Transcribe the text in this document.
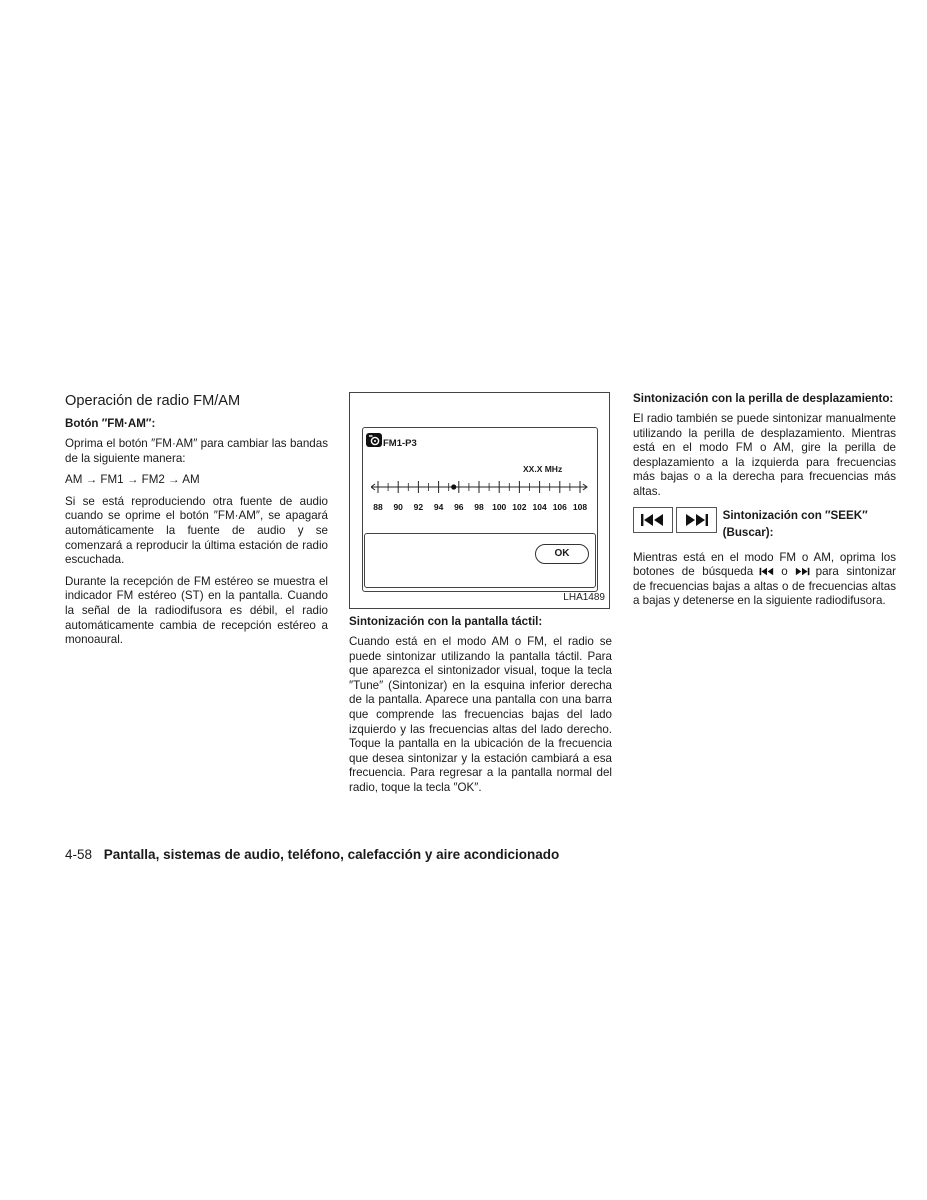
Operación de radio FM/AM
Botón ″FM·AM″:

Oprima el botón ″FM·AM″ para cambiar las bandas de la siguiente manera:

AM → FM1 → FM2 → AM

Si se está reproduciendo otra fuente de audio cuando se oprime el botón ″FM·AM″, se apagará automáticamente la fuente de audio y se comenzará a reproducir la última estación de radio escuchada.

Durante la recepción de FM estéreo se muestra el indicador FM estéreo (ST) en la pantalla. Cuando la señal de la radiodifusora es débil, el radio automáticamente cambia de recepción estéreo a monoaural.

FM1-P3
XX.X MHz
88 90 92 94 96 98 100 102 104 106 108
OK
LHA1489
Sintonización con la pantalla táctil:

Cuando está en el modo AM o FM, el radio se puede sintonizar utilizando la pantalla táctil. Para que aparezca el sintonizador visual, toque la tecla ″Tune″ (Sintonizar) en la esquina inferior derecha de la pantalla. Aparece una pantalla con una barra que comprende las frecuencias bajas del lado izquierdo y las frecuencias altas del lado derecho. Toque la pantalla en la ubicación de la frecuencia que desea sintonizar y la estación cambiará a esa frecuencia. Para regresar a la pantalla normal del radio, toque la tecla ″OK″.

Sintonización con la perilla de desplazamiento:

El radio también se puede sintonizar manualmente utilizando la perilla de desplazamiento. Mientras está en el modo FM o AM, gire la perilla de desplazamiento a la izquierda para frecuencias más bajas o a la derecha para frecuencias más altas.

Sintonización con ″SEEK″ (Buscar):

Mientras está en el modo FM o AM, oprima los botones de búsqueda o para sintonizar de frecuencias bajas a altas o de frecuencias altas a bajas y detenerse en la siguiente radiodifusora.

4-58 Pantalla, sistemas de audio, teléfono, calefacción y aire acondicionado
